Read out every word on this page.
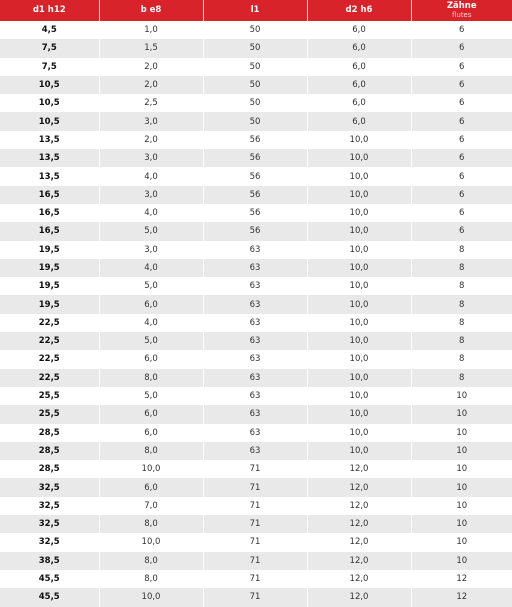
d1 h12	b e8	l1	d2 h6	Zähne
flutes

4,5	1,0	50	6,0	6
7,5	1,5	50	6,0	6
7,5	2,0	50	6,0	6
10,5	2,0	50	6,0	6
10,5	2,5	50	6,0	6
10,5	3,0	50	6,0	6
13,5	2,0	56	10,0	6
13,5	3,0	56	10,0	6
13,5	4,0	56	10,0	6
16,5	3,0	56	10,0	6
16,5	4,0	56	10,0	6
16,5	5,0	56	10,0	6
19,5	3,0	63	10,0	8
19,5	4,0	63	10,0	8
19,5	5,0	63	10,0	8
19,5	6,0	63	10,0	8
22,5	4,0	63	10,0	8
22,5	5,0	63	10,0	8
22,5	6,0	63	10,0	8
22,5	8,0	63	10,0	8
25,5	5,0	63	10,0	10
25,5	6,0	63	10,0	10
28,5	6,0	63	10,0	10
28,5	8,0	63	10,0	10
28,5	10,0	71	12,0	10
32,5	6,0	71	12,0	10
32,5	7,0	71	12,0	10
32,5	8,0	71	12,0	10
32,5	10,0	71	12,0	10
38,5	8,0	71	12,0	10
45,5	8,0	71	12,0	12
45,5	10,0	71	12,0	12
